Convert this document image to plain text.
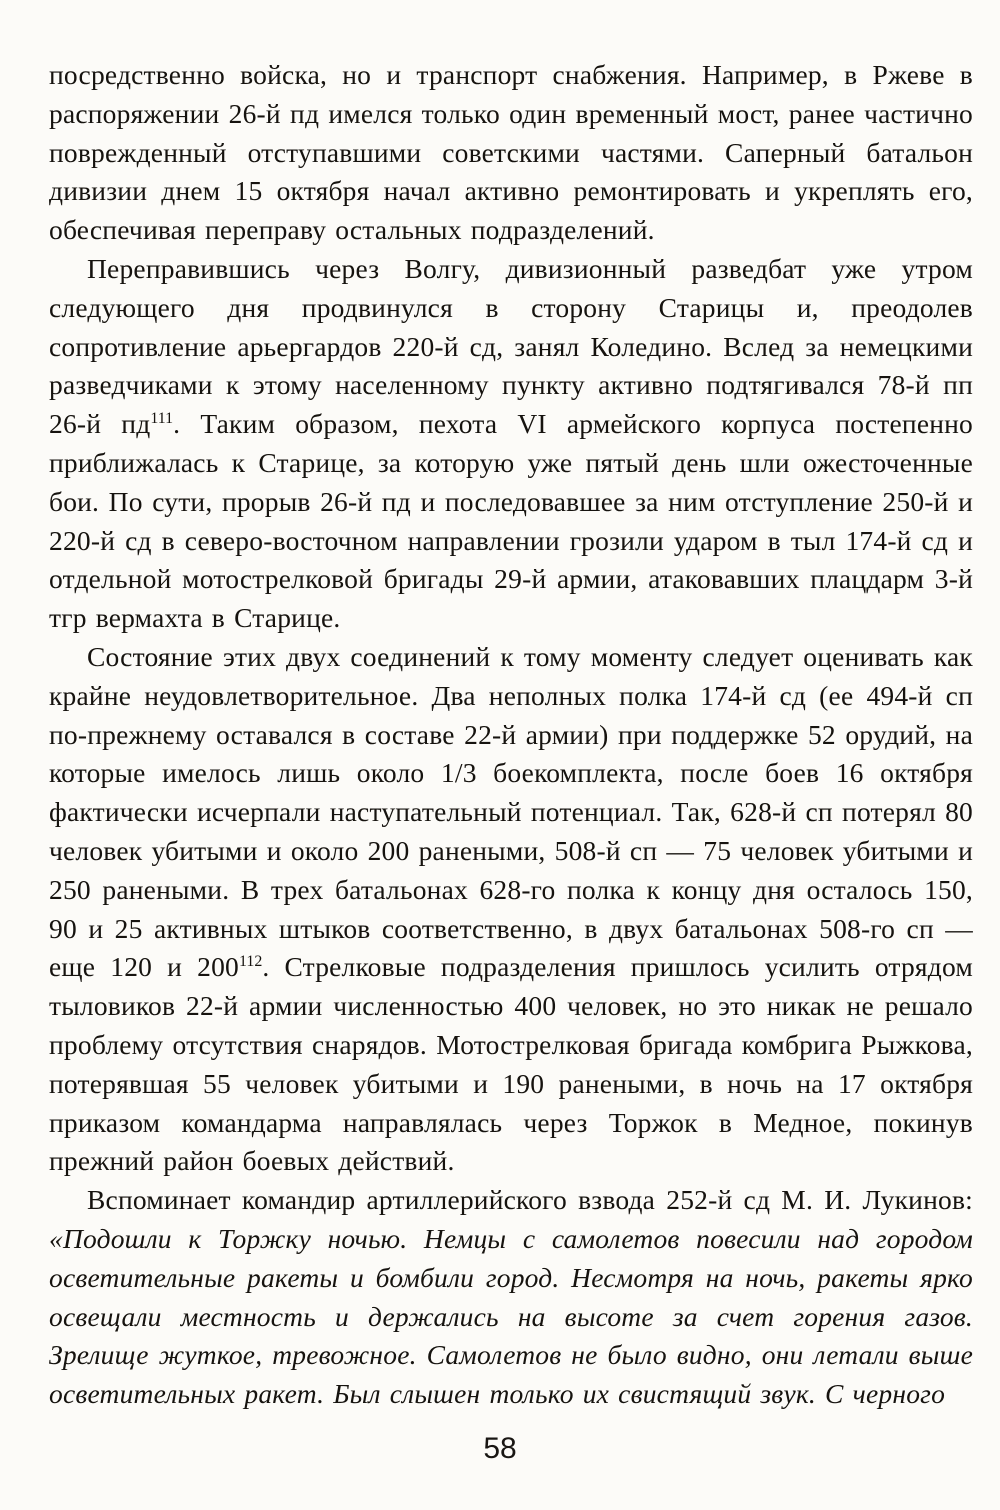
посредственно войска, но и транспорт снабжения. Например, в Ржеве в распоряжении 26-й пд имелся только один временный мост, ранее частично поврежденный отступавшими советскими частями. Саперный батальон дивизии днем 15 октября начал активно ремонтировать и укреплять его, обеспечивая переправу остальных подразделений.

Переправившись через Волгу, дивизионный разведбат уже утром следующего дня продвинулся в сторону Старицы и, преодолев сопротивление арьергардов 220-й сд, занял Коледино. Вслед за немецкими разведчиками к этому населенному пункту активно подтягивался 78-й пп 26-й $пд^{111}$. Таким образом, пехота VI армейского корпуса постепенно приближалась к Старице, за которую уже пятый день шли ожесточенные бои. По сути, прорыв 26-й пд и последовавшее за ним отступление 250-й и 220-й сд в северо-восточном направлении грозили ударом в тыл 174-й сд и отдельной мотострелковой бригады 29-й армии, атаковавших плацдарм 3-й тгр вермахта в Старице.

Состояние этих двух соединений к тому моменту следует оценивать как крайне неудовлетворительное. Два неполных полка 174-й сд (ее 494-й сп по-прежнему оставался в составе 22-й армии) при поддержке 52 орудий, на которые имелось лишь около 1/3 боекомплекта, после боев 16 октября фактически исчерпали наступательный потенциал. Так, 628-й сп потерял 80 человек убитыми и около 200 ранеными, 508-й сп — 75 человек убитыми и 250 ранеными. В трех батальонах 628-го полка к концу дня осталось 150, 90 и 25 активных штыков соответственно, в двух батальонах 508-го сп — еще 120 и $200^{112}$. Стрелковые подразделения пришлось усилить отрядом тыловиков 22-й армии численностью 400 человек, но это никак не решало проблему отсутствия снарядов. Мотострелковая бригада комбрига Рыжкова, потерявшая 55 человек убитыми и 190 ранеными, в ночь на 17 октября приказом командарма направлялась через Торжок в Медное, покинув прежний район боевых действий.

Вспоминает командир артиллерийского взвода 252-й сд М. И. Лукинов: «Подошли к Торжку ночью. Немцы с самолетов повесили над городом осветительные ракеты и бомбили город. Несмотря на ночь, ракеты ярко освещали местность и держались на высоте за счет горения газов. Зрелище жуткое, тревожное. Самолетов не было видно, они летали выше осветительных ракет. Был слышен только их свистящий звук. С черного

58
